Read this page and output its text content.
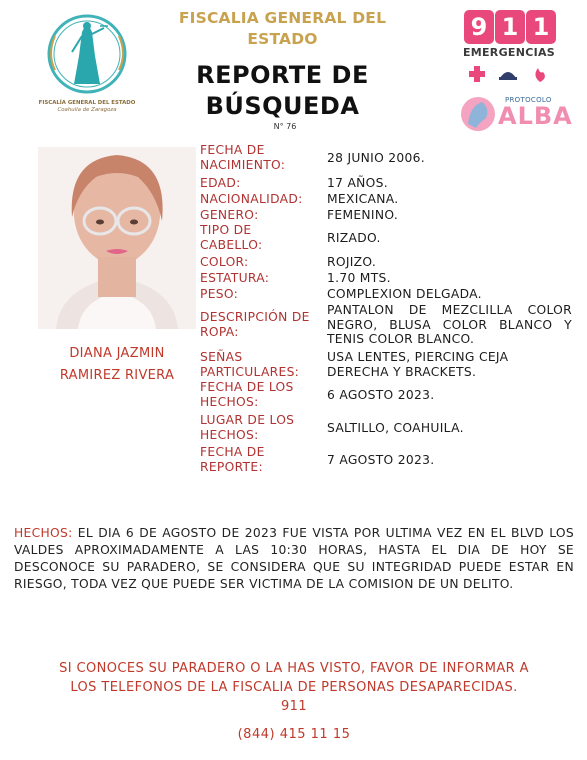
FISCALÍA GENERAL DEL ESTADO
Coahuila de Zaragoza
FISCALIA GENERAL DEL ESTADO
REPORTE DE
BÚSQUEDA
N° 76
9 1 1
EMERGENCIAS
PROTOCOLO
ALBA
DIANA JAZMIN
RAMIREZ RIVERA
FECHA DE
NACIMIENTO:	28 JUNIO 2006.
EDAD:	17 AÑOS.
NACIONALIDAD: MEXICANA.
GENERO:	FEMENINO.
TIPO DE
CABELLO:	RIZADO.
COLOR:	ROJIZO.
ESTATURA:	1.70 MTS.
PESO:	COMPLEXION DELGADA.
DESCRIPCIÓN DE
ROPA:
PANTALON DE MEZCLILLA COLOR
NEGRO, BLUSA COLOR BLANCO Y
TENIS COLOR BLANCO.
SEÑAS
PARTICULARES:
USA LENTES, PIERCING CEJA
DERECHA Y BRACKETS.
FECHA DE LOS
HECHOS:	6 AGOSTO 2023.
LUGAR DE LOS
HECHOS:	SALTILLO, COAHUILA.
FECHA DE
REPORTE:	7 AGOSTO 2023.
HECHOS: EL DIA 6 DE AGOSTO DE 2023 FUE VISTA POR ULTIMA VEZ EN EL BLVD LOS VALDES APROXIMADAMENTE A LAS 10:30 HORAS, HASTA EL DIA DE HOY SE DESCONOCE SU PARADERO, SE CONSIDERA QUE SU INTEGRIDAD PUEDE ESTAR EN RIESGO, TODA VEZ QUE PUEDE SER VICTIMA DE LA COMISION DE UN DELITO.
SI CONOCES SU PARADERO O LA HAS VISTO, FAVOR DE INFORMAR A
LOS TELEFONOS DE LA FISCALIA DE PERSONAS DESAPARECIDAS.
911
(844) 415 11 15
